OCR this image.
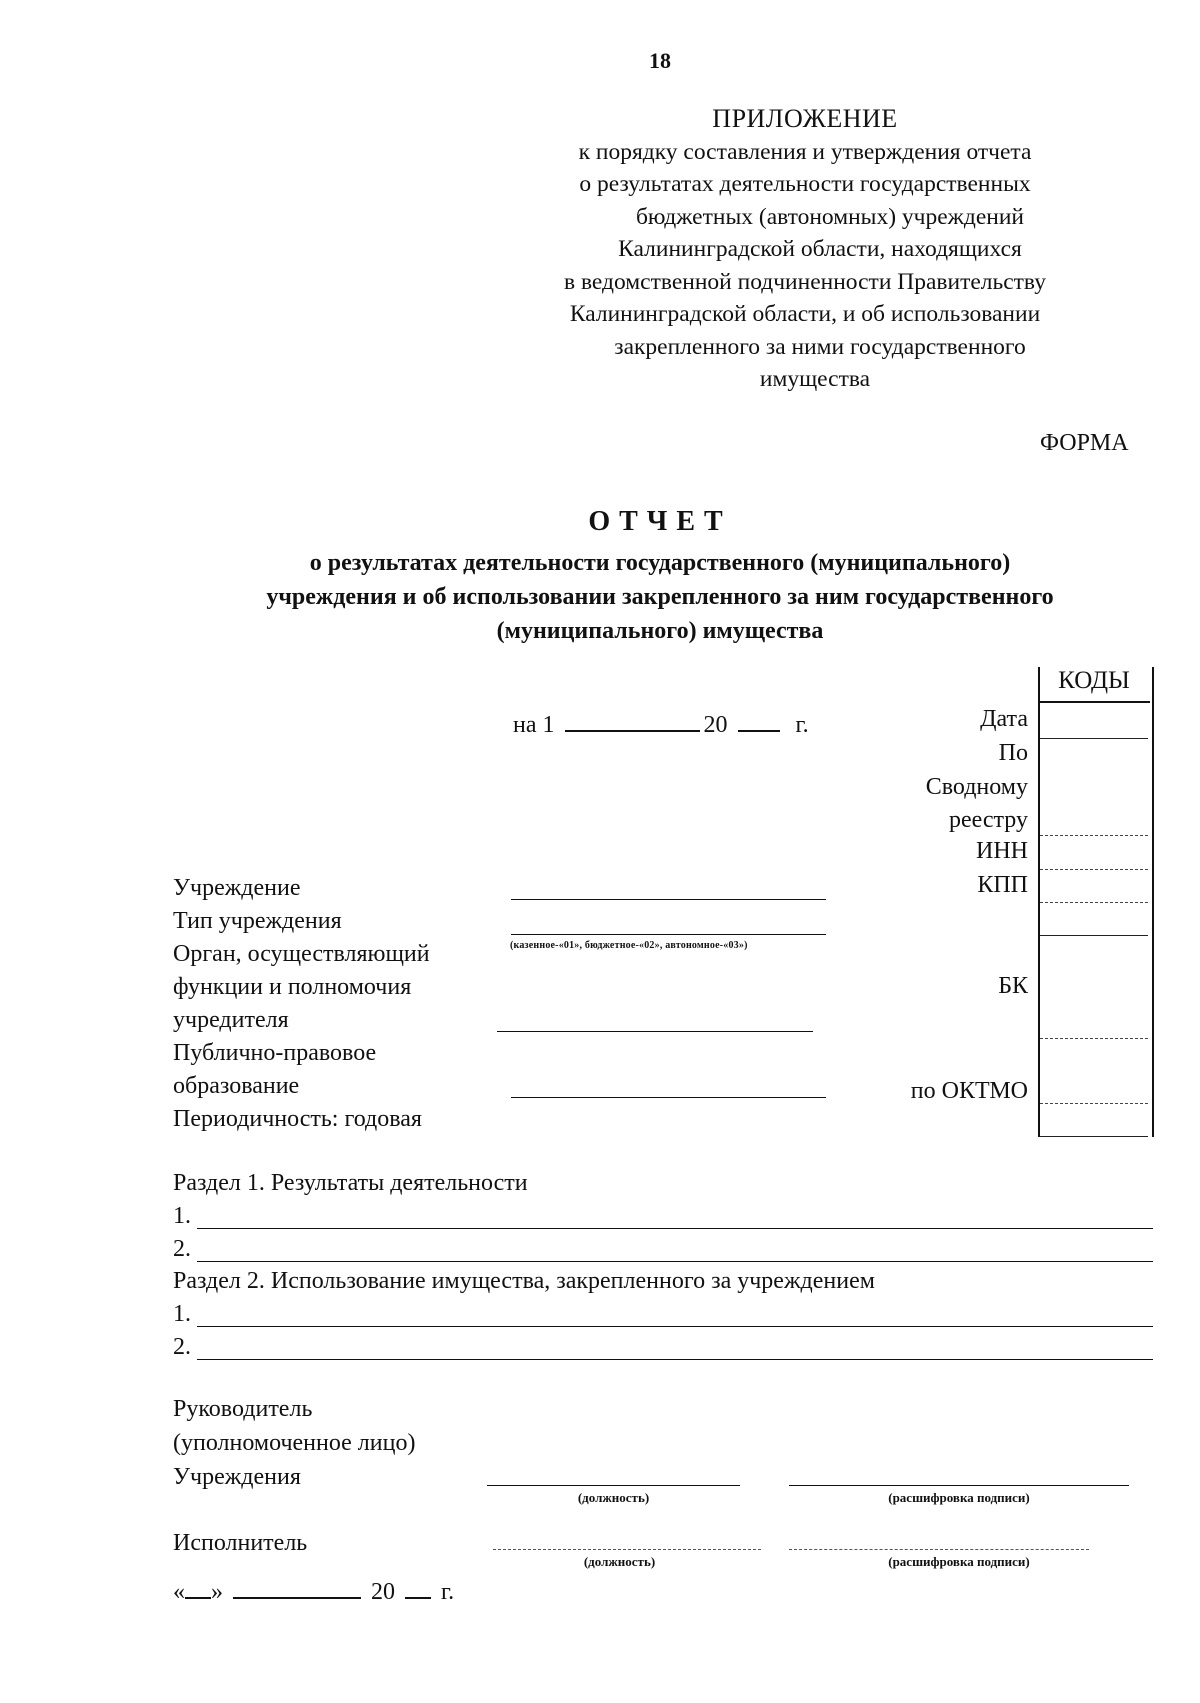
18
ПРИЛОЖЕНИЕ
к порядку составления и утверждения отчета
о результатах деятельности государственных
бюджетных (автономных) учреждений
Калининградской области, находящихся
в ведомственной подчиненности Правительству
Калининградской области, и об использовании
закрепленного за ними государственного
имущества
ФОРМА
ОТЧЕТ
о результатах деятельности государственного (муниципального)
учреждения и об использовании закрепленного за ним государственного
(муниципального) имущества
КОДЫ
Дата
По
Сводному
реестру
ИНН
КПП
БК
по ОКТМО
на 1	20	г.
Учреждение
Тип учреждения
Орган, осуществляющий
функции и полномочия
учредителя
Публично-правовое
образование
Периодичность: годовая
(казенное-«01», бюджетное-«02», автономное-«03»)
Раздел 1. Результаты деятельности
1.
2.
Раздел 2. Использование имущества, закрепленного за учреждением
1.
2.
Руководитель
(уполномоченное лицо)
Учреждения
(должность)	(расшифровка подписи)
Исполнитель
(должность)	(расшифровка подписи)
« »	20 г.
